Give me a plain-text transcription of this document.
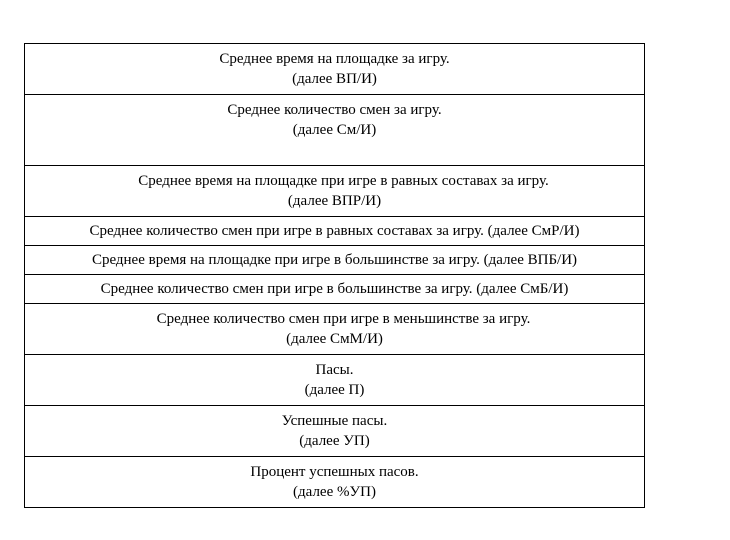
Среднее время на площадке за игру.
(далее ВП/И)

Среднее количество смен за игру.
(далее См/И)

Среднее время на площадке при игре в равных составах за игру.
(далее ВПР/И)

Среднее количество смен при игре в равных составах за игру. (далее СмР/И)

Среднее время на площадке при игре в большинстве за игру. (далее ВПБ/И)

Среднее количество смен при игре в большинстве за игру. (далее СмБ/И)

Среднее количество смен при игре в меньшинстве за игру.
(далее СмМ/И)

Пасы.
(далее П)

Успешные пасы.
(далее УП)

Процент успешных пасов.
(далее %УП)
